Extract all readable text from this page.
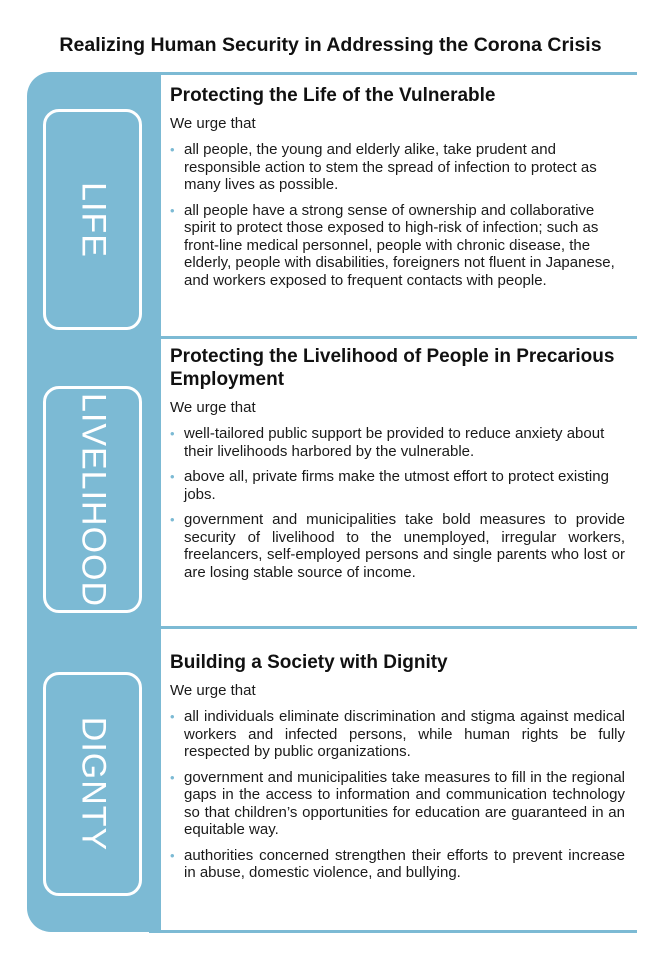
Realizing Human Security in Addressing the Corona Crisis
LIFE
LIVELIHOOD
DIGNTY
Protecting the Life of the Vulnerable
We urge that
• all people, the young and elderly alike, take prudent and responsible action to stem the spread of infection to protect as many lives as possible.
• all people have a strong sense of ownership and collaborative spirit to protect those exposed to high-risk of infection; such as front-line medical personnel, people with chronic disease, the elderly, people with disabilities, foreigners not fluent in Japanese, and workers exposed to frequent contacts with people.
Protecting the Livelihood of People in Precarious Employment
We urge that
• well-tailored public support be provided to reduce anxiety about their livelihoods harbored by the vulnerable.
• above all, private firms make the utmost effort to protect existing jobs.
• government and municipalities take bold measures to provide security of livelihood to the unemployed, irregular workers, freelancers, self-employed persons and single parents who lost or are losing stable source of income.
Building a Society with Dignity
We urge that
• all individuals eliminate discrimination and stigma against medical workers and infected persons, while human rights be fully respected by public organizations.
• government and municipalities take measures to fill in the regional gaps in the access to information and communication technology so that children’s opportunities for education are guaranteed in an equitable way.
• authorities concerned strengthen their efforts to prevent increase in abuse, domestic violence, and bullying.
